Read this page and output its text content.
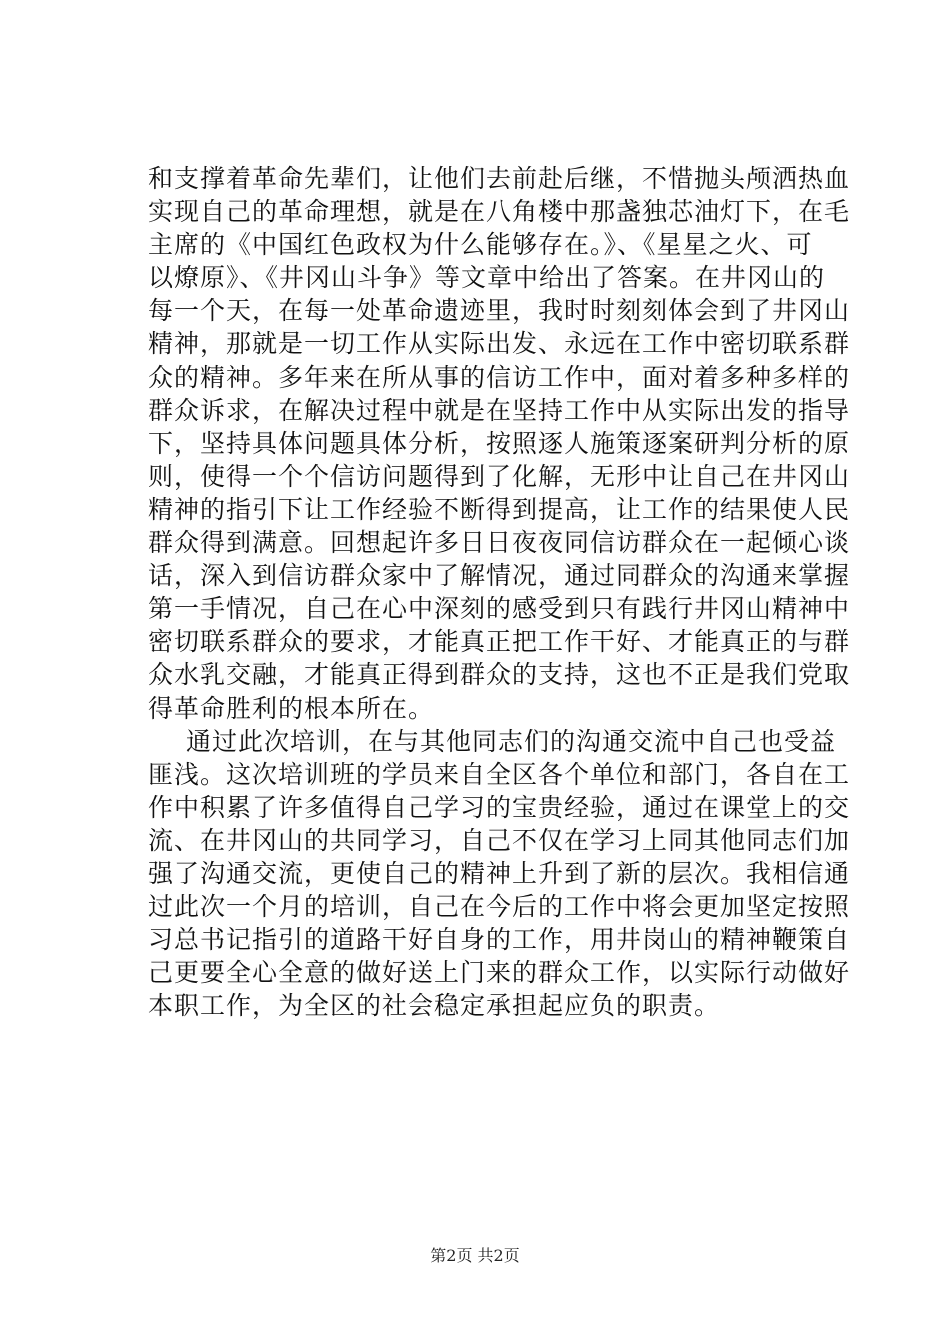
和支撑着革命先辈们，让他们去前赴后继，不惜抛头颅洒热血
实现自己的革命理想，就是在八角楼中那盏独芯油灯下，在毛
主席的《中国红色政权为什么能够存在。》、《星星之火、可
以燎原》、《井冈山斗争》等文章中给出了答案。在井冈山的
每一个天，在每一处革命遗迹里，我时时刻刻体会到了井冈山
精神，那就是一切工作从实际出发、永远在工作中密切联系群
众的精神。多年来在所从事的信访工作中，面对着多种多样的
群众诉求，在解决过程中就是在坚持工作中从实际出发的指导
下，坚持具体问题具体分析，按照逐人施策逐案研判分析的原
则，使得一个个信访问题得到了化解，无形中让自己在井冈山
精神的指引下让工作经验不断得到提高，让工作的结果使人民
群众得到满意。回想起许多日日夜夜同信访群众在一起倾心谈
话，深入到信访群众家中了解情况，通过同群众的沟通来掌握
第一手情况，自己在心中深刻的感受到只有践行井冈山精神中
密切联系群众的要求，才能真正把工作干好、才能真正的与群
众水乳交融，才能真正得到群众的支持，这也不正是我们党取
得革命胜利的根本所在。
通过此次培训，在与其他同志们的沟通交流中自己也受益
匪浅。这次培训班的学员来自全区各个单位和部门，各自在工
作中积累了许多值得自己学习的宝贵经验，通过在课堂上的交
流、在井冈山的共同学习，自己不仅在学习上同其他同志们加
强了沟通交流，更使自己的精神上升到了新的层次。我相信通
过此次一个月的培训，自己在今后的工作中将会更加坚定按照
习总书记指引的道路干好自身的工作，用井岗山的精神鞭策自
己更要全心全意的做好送上门来的群众工作，以实际行动做好
本职工作，为全区的社会稳定承担起应负的职责。
第2页 共2页
